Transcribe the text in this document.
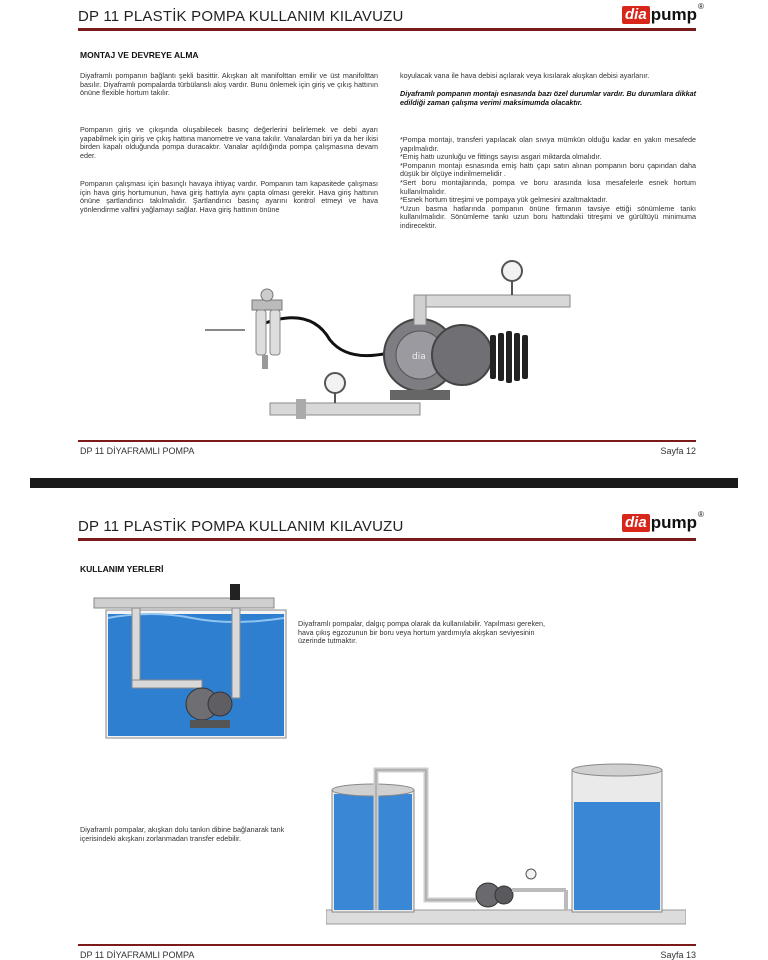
DP 11 PLASTİK POMPA KULLANIM KILAVUZU	dia pump ®
MONTAJ VE DEVREYE ALMA
Diyaframlı pompanın bağlantı şekli basittir. Akışkan alt manifolttan emilir ve üst manifolttan basılır. Diyaframlı pompalarda türbülanslı akış vardır. Bunu önlemek için giriş ve çıkış hattının önüne flexible hortum takılır.
Pompanın giriş ve çıkışında oluşabilecek basınç değerlerini belirlemek ve debi ayarı yapabilmek için giriş ve çıkış hattına manometre ve vana takılır. Vanalardan biri ya da her ikisi birden kapalı olduğunda pompa duracaktır. Vanalar açıldığında pompa çalışmasına devam eder.
Pompanın çalışması için basınçlı havaya ihtiyaç vardır. Pompanın tam kapasitede çalışması için hava giriş hortumunun, hava giriş hattıyla aynı çapta olması gerekir. Hava giriş hattının önüne şartlandırıcı takılmalıdır. Şartlandırıcı basınç ayarını kontrol etmeyi ve hava yönlendirme valfini yağlamayı sağlar. Hava giriş hattının önüne
koyulacak vana ile hava debisi açılarak veya kısılarak akışkan debisi ayarlanır.
Diyaframlı pompanın montajı esnasında bazı özel durumlar vardır. Bu durumlara dikkat edildiği zaman çalışma verimi maksimumda olacaktır.
*Pompa montajı, transferi yapılacak olan sıvıya mümkün olduğu kadar en yakın mesafede yapılmalıdır.
*Emiş hattı uzunluğu ve fittings sayısı asgari miktarda olmalıdır.
*Pompanın montajı esnasında emiş hattı çapı satın alınan pompanın boru çapından daha düşük bir ölçüye indirilmemelidir .
*Sert boru montajlarında, pompa ve boru arasında kısa mesafelerle esnek hortum kullanılmalıdır.
*Esnek hortum titreşimi ve pompaya yük gelmesini azaltmaktadır.
*Uzun basma hatlarında pompanın önüne firmanın tavsiye ettiği sönümleme tankı kullanılmalıdır. Sönümleme tankı uzun boru hattındaki titreşimi ve gürültüyü minimuma indirecektir.
dia
DP 11 DİYAFRAMLI POMPA	Sayfa 12
DP 11 PLASTİK POMPA KULLANIM KILAVUZU	dia pump ®
KULLANIM YERLERİ
Diyaframlı pompalar, dalgıç pompa olarak da kullanılabilir. Yapılması gereken, hava çıkış egzozunun bir boru veya hortum yardımıyla akışkan seviyesinin üzerinde tutmaktır.
Diyaframlı pompalar, akışkan dolu tankın dibine bağlanarak tank içerisindeki akışkanı zorlanmadan transfer edebilir.
DP 11 DİYAFRAMLI POMPA	Sayfa 13
